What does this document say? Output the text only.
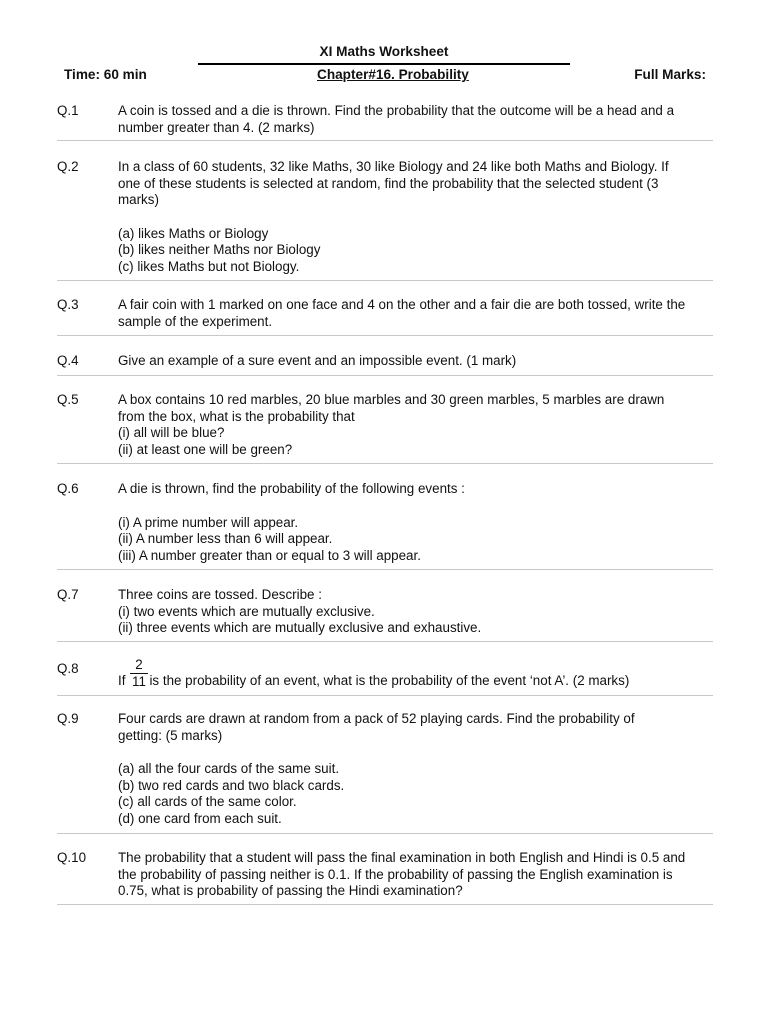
XI Maths Worksheet
Time: 60 min	Chapter#16. Probability	Full Marks:
Q.1	A coin is tossed and a die is thrown. Find the probability that the outcome will be a head and a

number greater than 4. (2 marks)

Q.2	In a class of 60 students, 32 like Maths, 30 like Biology and 24 like both Maths and Biology. If

one of these students is selected at random, find the probability that the selected student (3

marks)

(a) likes Maths or Biology

(b) likes neither Maths nor Biology

(c) likes Maths but not Biology.

Q.3	A fair coin with 1 marked on one face and 4 on the other and a fair die are both tossed, write the

sample of the experiment.

Q.4	Give an example of a sure event and an impossible event. (1 mark)

Q.5	A box contains 10 red marbles, 20 blue marbles and 30 green marbles, 5 marbles are drawn

from the box, what is the probability that

(i) all will be blue?

(ii) at least one will be green?

Q.6	A die is thrown, find the probability of the following events :

(i) A prime number will appear.

(ii) A number less than 6 will appear.

(iii) A number greater than or equal to 3 will appear.

Q.7	Three coins are tossed. Describe :

(i) two events which are mutually exclusive.

(ii) three events which are mutually exclusive and exhaustive.

Q.8	$\frac{2}{11}$

If is the probability of an event, what is the probability of the event ‘not A’. (2 marks)

Q.9	Four cards are drawn at random from a pack of 52 playing cards. Find the probability of

getting: (5 marks)

(a) all the four cards of the same suit.

(b) two red cards and two black cards.

(c) all cards of the same color.

(d) one card from each suit.

Q.10	The probability that a student will pass the final examination in both English and Hindi is 0.5 and

the probability of passing neither is 0.1. If the probability of passing the English examination is

0.75, what is probability of passing the Hindi examination?
